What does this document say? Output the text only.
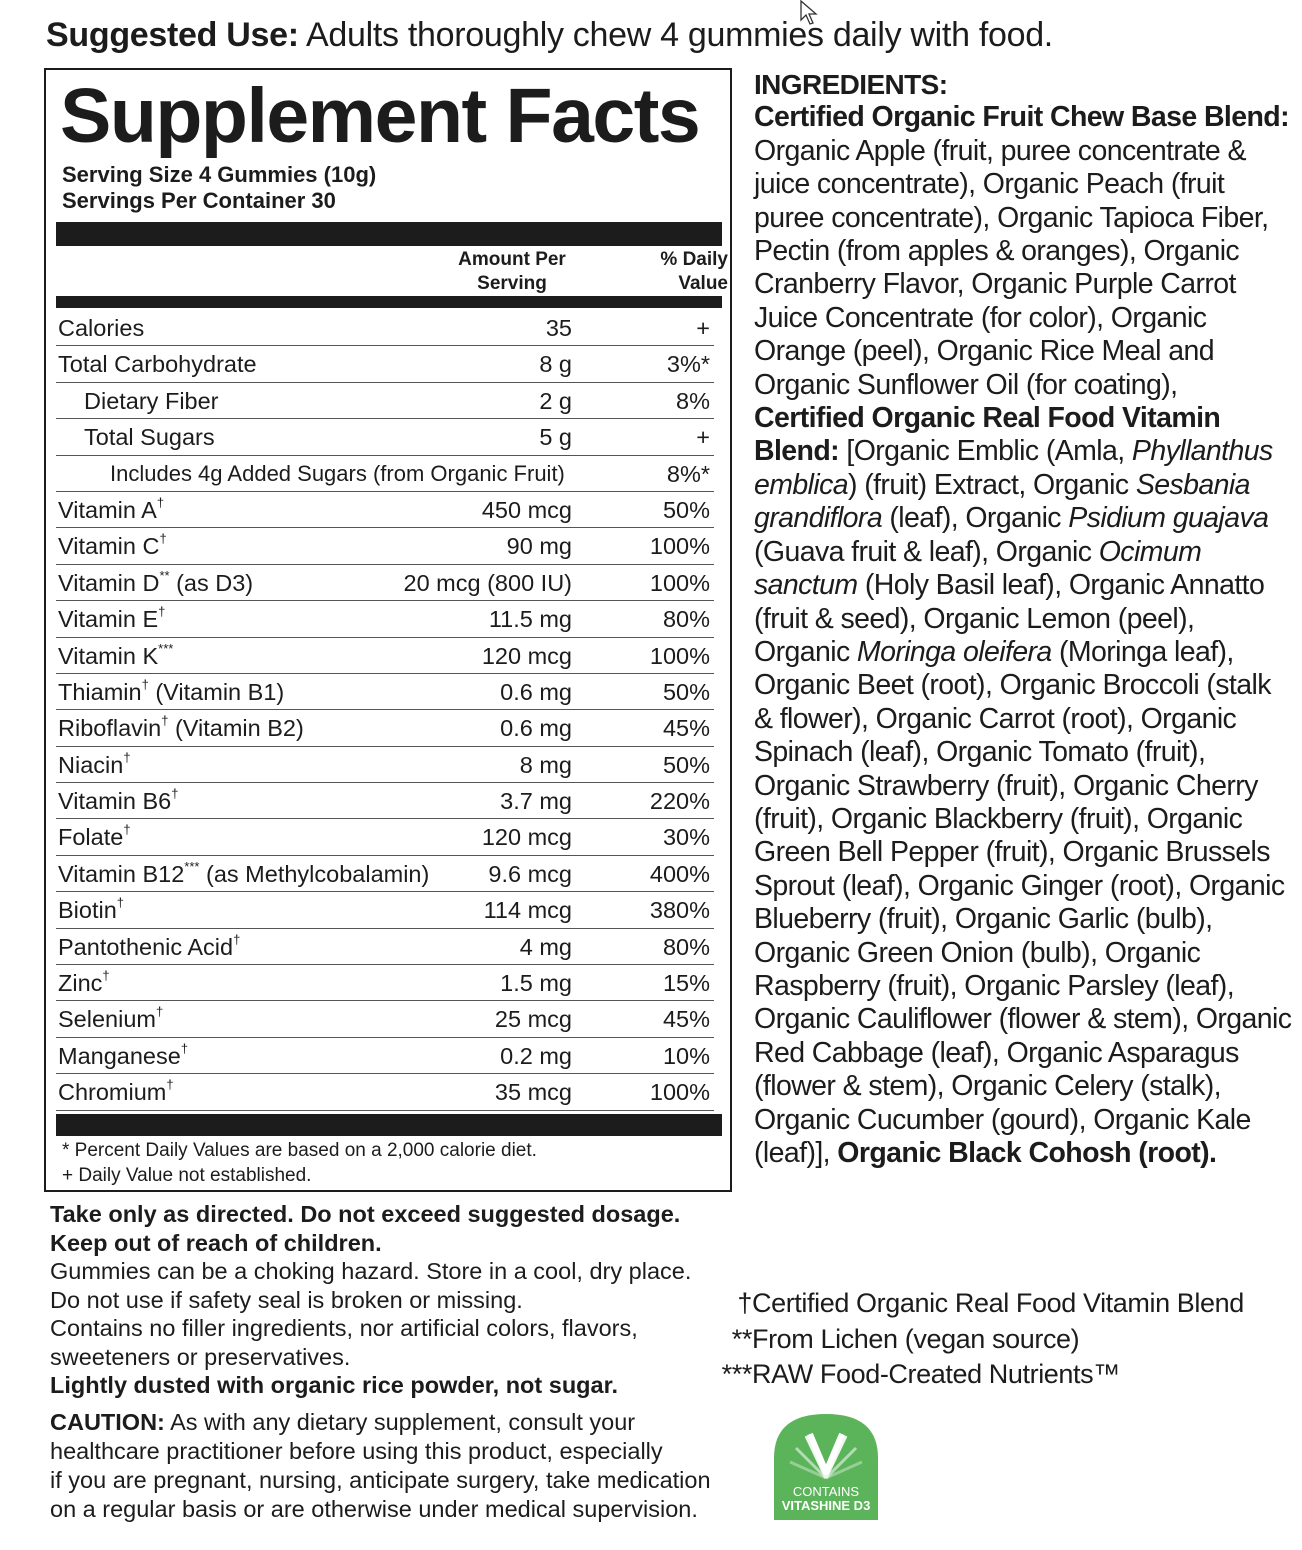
Suggested Use: Adults thoroughly chew 4 gummies daily with food.
Supplement Facts
Serving Size 4 Gummies (10g)
Servings Per Container 30
Amount Per
Serving
% Daily
Value
Calories	35	+
Total Carbohydrate	8 g	3%*
Dietary Fiber	2 g	8%
Total Sugars	5 g	+
Includes 4g Added Sugars (from Organic Fruit)	8%*
Vitamin A†	450 mcg	50%
Vitamin C†	90 mg	100%
Vitamin D** (as D3)	20 mcg (800 IU)	100%
Vitamin E†	11.5 mg	80%
Vitamin K***	120 mcg	100%
Thiamin† (Vitamin B1)	0.6 mg	50%
Riboflavin† (Vitamin B2)	0.6 mg	45%
Niacin†	8 mg	50%
Vitamin B6†	3.7 mg	220%
Folate†	120 mcg	30%
Vitamin B12*** (as Methylcobalamin)	9.6 mcg	400%
Biotin†	114 mcg	380%
Pantothenic Acid†	4 mg	80%
Zinc†	1.5 mg	15%
Selenium†	25 mcg	45%
Manganese†	0.2 mg	10%
Chromium†	35 mcg	100%
* Percent Daily Values are based on a 2,000 calorie diet.
+ Daily Value not established.
Take only as directed. Do not exceed suggested dosage.
Keep out of reach of children.
Gummies can be a choking hazard. Store in a cool, dry place.
Do not use if safety seal is broken or missing.
Contains no filler ingredients, nor artificial colors, flavors,
sweeteners or preservatives.
Lightly dusted with organic rice powder, not sugar.
CAUTION: As with any dietary supplement, consult your
healthcare practitioner before using this product, especially
if you are pregnant, nursing, anticipate surgery, take medication
on a regular basis or are otherwise under medical supervision.
INGREDIENTS:
Certified Organic Fruit Chew Base Blend: Organic Apple (fruit, puree concentrate & juice concentrate), Organic Peach (fruit puree concentrate), Organic Tapioca Fiber, Pectin (from apples & oranges), Organic Cranberry Flavor, Organic Purple Carrot Juice Concentrate (for color), Organic Orange (peel), Organic Rice Meal and Organic Sunflower Oil (for coating), Certified Organic Real Food Vitamin Blend: [Organic Emblic (Amla, Phyllanthus emblica) (fruit) Extract, Organic Sesbania grandiflora (leaf), Organic Psidium guajava (Guava fruit & leaf), Organic Ocimum sanctum (Holy Basil leaf), Organic Annatto (fruit & seed), Organic Lemon (peel), Organic Moringa oleifera (Moringa leaf), Organic Beet (root), Organic Broccoli (stalk & flower), Organic Carrot (root), Organic Spinach (leaf), Organic Tomato (fruit), Organic Strawberry (fruit), Organic Cherry (fruit), Organic Blackberry (fruit), Organic Green Bell Pepper (fruit), Organic Brussels Sprout (leaf), Organic Ginger (root), Organic Blueberry (fruit), Organic Garlic (bulb), Organic Green Onion (bulb), Organic Raspberry (fruit), Organic Parsley (leaf), Organic Cauliflower (flower & stem), Organic Red Cabbage (leaf), Organic Asparagus (flower & stem), Organic Celery (stalk), Organic Cucumber (gourd), Organic Kale (leaf)], Organic Black Cohosh (root).
†Certified Organic Real Food Vitamin Blend
**From Lichen (vegan source)
***RAW Food-Created Nutrients™
CONTAINS
VITASHINE D3
